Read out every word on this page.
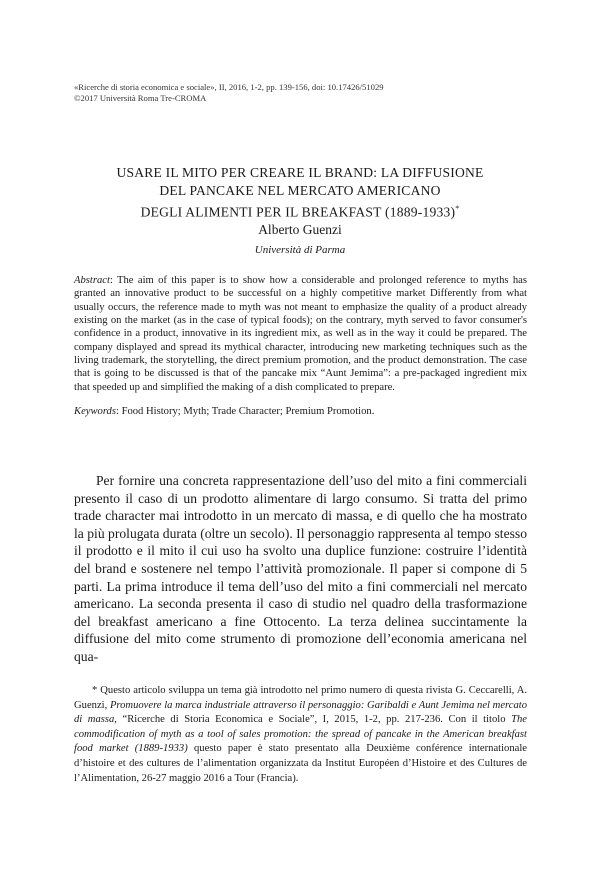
«Ricerche di storia economica e sociale», II, 2016, 1-2, pp. 139-156, doi: 10.17426/51029
©2017 Università Roma Tre-CROMA
USARE IL MITO PER CREARE IL BRAND: LA DIFFUSIONE
DEL PANCAKE NEL MERCATO AMERICANO
DEGLI ALIMENTI PER IL BREAKFAST (1889-1933)*
Alberto Guenzi
Università di Parma
Abstract: The aim of this paper is to show how a considerable and prolonged reference to myths has granted an innovative product to be successful on a highly competitive market Differently from what usually occurs, the reference made to myth was not meant to emphasize the quality of a product already existing on the market (as in the case of typical foods); on the contrary, myth served to favor consumer's confidence in a product, innovative in its ingredient mix, as well as in the way it could be prepared. The company displayed and spread its mythical character, introducing new marketing techniques such as the living trademark, the storytelling, the direct premium promotion, and the product demonstration. The case that is going to be discussed is that of the pancake mix “Aunt Jemima”: a pre-packaged ingredient mix that speeded up and simplified the making of a dish complicated to prepare.
Keywords: Food History; Myth; Trade Character; Premium Promotion.
Per fornire una concreta rappresentazione dell’uso del mito a fini commerciali presento il caso di un prodotto alimentare di largo consumo. Si tratta del primo trade character mai introdotto in un mercato di massa, e di quello che ha mostrato la più prolugata durata (oltre un secolo). Il personaggio rappresenta al tempo stesso il prodotto e il mito il cui uso ha svolto una duplice funzione: costruire l’identità del brand e sostenere nel tempo l’attività promozionale. Il paper si compone di 5 parti. La prima introduce il tema dell’uso del mito a fini commerciali nel mercato americano. La seconda presenta il caso di studio nel quadro della trasformazione del breakfast americano a fine Ottocento. La terza delinea succintamente la diffusione del mito come strumento di promozione dell’economia americana nel qua-
* Questo articolo sviluppa un tema già introdotto nel primo numero di questa rivista G. Ceccarelli, A. Guenzi, Promuovere la marca industriale attraverso il personaggio: Garibaldi e Aunt Jemima nel mercato di massa, “Ricerche di Storia Economica e Sociale”, I, 2015, 1-2, pp. 217-236. Con il titolo The commodification of myth as a tool of sales promotion: the spread of pancake in the American breakfast food market (1889-1933) questo paper è stato presentato alla Deuxième conférence internationale d’histoire et des cultures de l’alimentation organizzata da Institut Européen d’Histoire et des Cultures de l’Alimentation, 26-27 maggio 2016 a Tour (Francia).
